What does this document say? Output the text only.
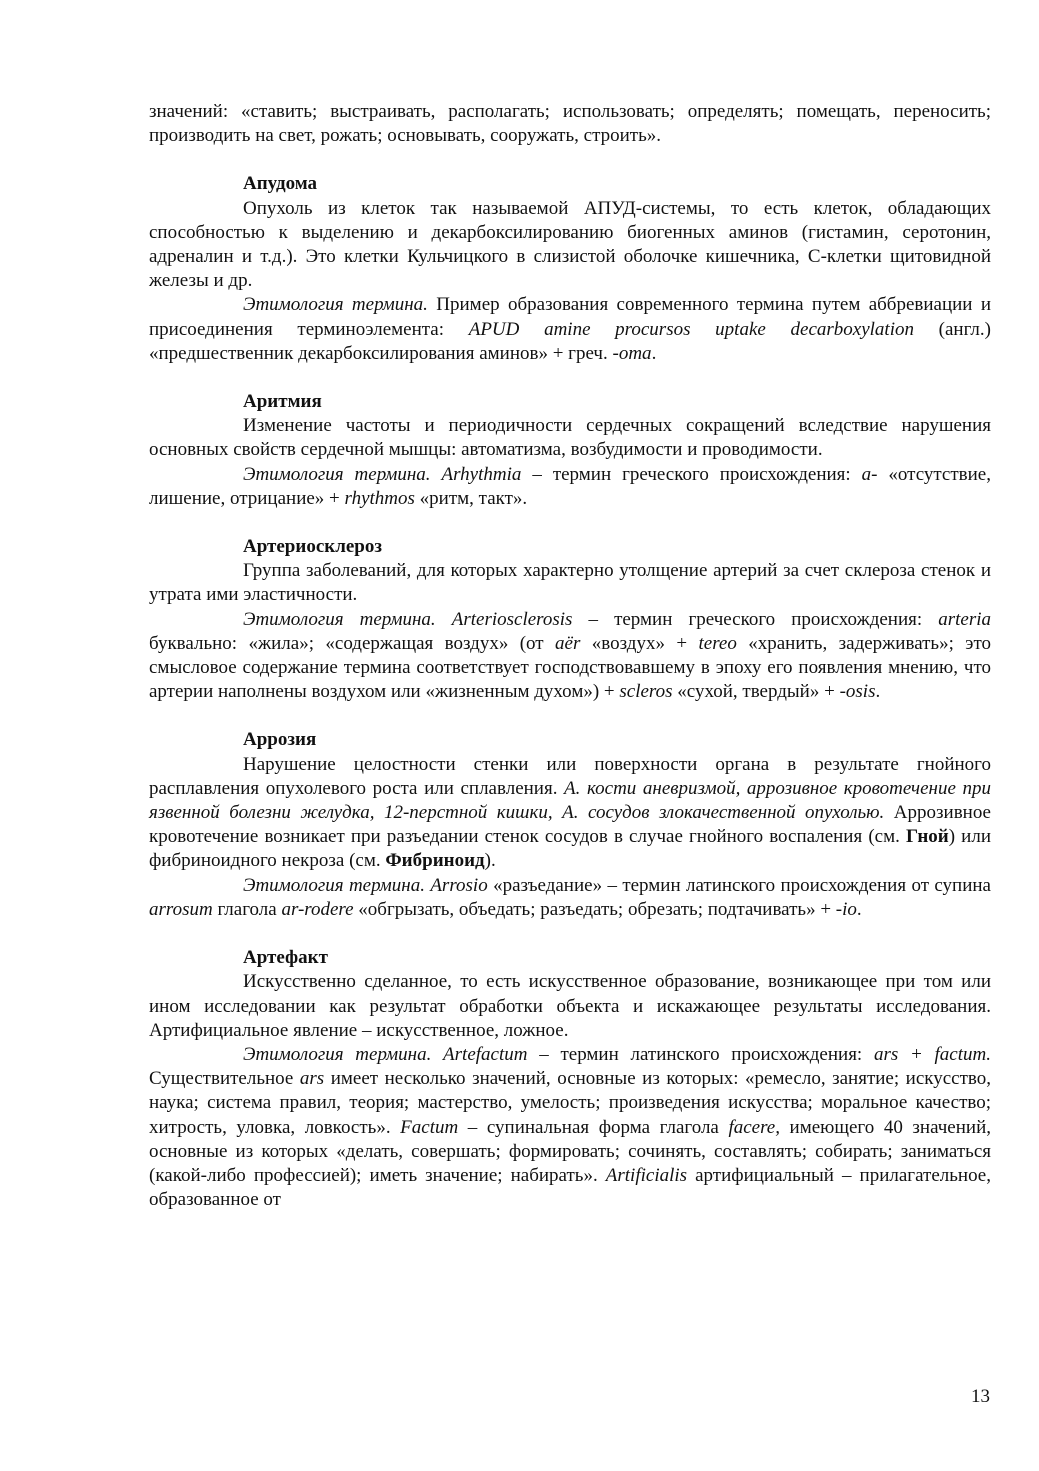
значений: «ставить; выстраивать, располагать; использовать; определять; помещать, переносить; производить на свет, рожать; основывать, сооружать, строить».

Апудома

Опухоль из клеток так называемой АПУД-системы, то есть клеток, обладающих способностью к выделению и декарбоксилированию биогенных аминов (гистамин, серотонин, адреналин и т.д.). Это клетки Кульчицкого в слизистой оболочке кишечника, С-клетки щитовидной железы и др.

Этимология термина. Пример образования современного термина путем аббревиации и присоединения терминоэлемента: APUD amine procursos uptake decarboxylation (англ.) «предшественник декарбоксилирования аминов» + греч. -oma.

Аритмия

Изменение частоты и периодичности сердечных сокращений вследствие нарушения основных свойств сердечной мышцы: автоматизма, возбудимости и проводимости.

Этимология термина. Arhythmia – термин греческого происхождения: а- «отсутствие, лишение, отрицание» + rhythmos «ритм, такт».

Артериосклероз

Группа заболеваний, для которых характерно утолщение артерий за счет склероза стенок и утрата ими эластичности.

Этимология термина. Arteriosclerosis – термин греческого происхождения: arteria буквально: «жила»; «содержащая воздух» (от aёr «воздух» + tereo «хранить, задерживать»; это смысловое содержание термина соответствует господствовавшему в эпоху его появления мнению, что артерии наполнены воздухом или «жизненным духом») + scleros «сухой, твердый» + -osis.

Аррозия

Нарушение целостности стенки или поверхности органа в результате гнойного расплавления опухолевого роста или сплавления. А. кости аневризмой, аррозивное кровотечение при язвенной болезни желудка, 12-перстной кишки, А. сосудов злокачественной опухолью. Аррозивное кровотечение возникает при разъедании стенок сосудов в случае гнойного воспаления (см. Гной) или фибриноидного некроза (см. Фибриноид).

Этимология термина. Arrosio «разъедание» – термин латинского происхождения от супина arrosum глагола ar-rodere «обгрызать, объедать; разъедать; обрезать; подтачивать» + -io.

Артефакт

Искусственно сделанное, то есть искусственное образование, возникающее при том или ином исследовании как результат обработки объекта и искажающее результаты исследования. Артифициальное явление – искусственное, ложное.

Этимология термина. Artefactum – термин латинского происхождения: ars + factum. Существительное ars имеет несколько значений, основные из которых: «ремесло, занятие; искусство, наука; система правил, теория; мастерство, умелость; произведения искусства; моральное качество; хитрость, уловка, ловкость». Factum – супинальная форма глагола facere, имеющего 40 значений, основные из которых «делать, совершать; формировать; сочинять, составлять; собирать; заниматься (какой-либо профессией); иметь значение; набирать». Artificialis артифициальный – прилагательное, образованное от

13
